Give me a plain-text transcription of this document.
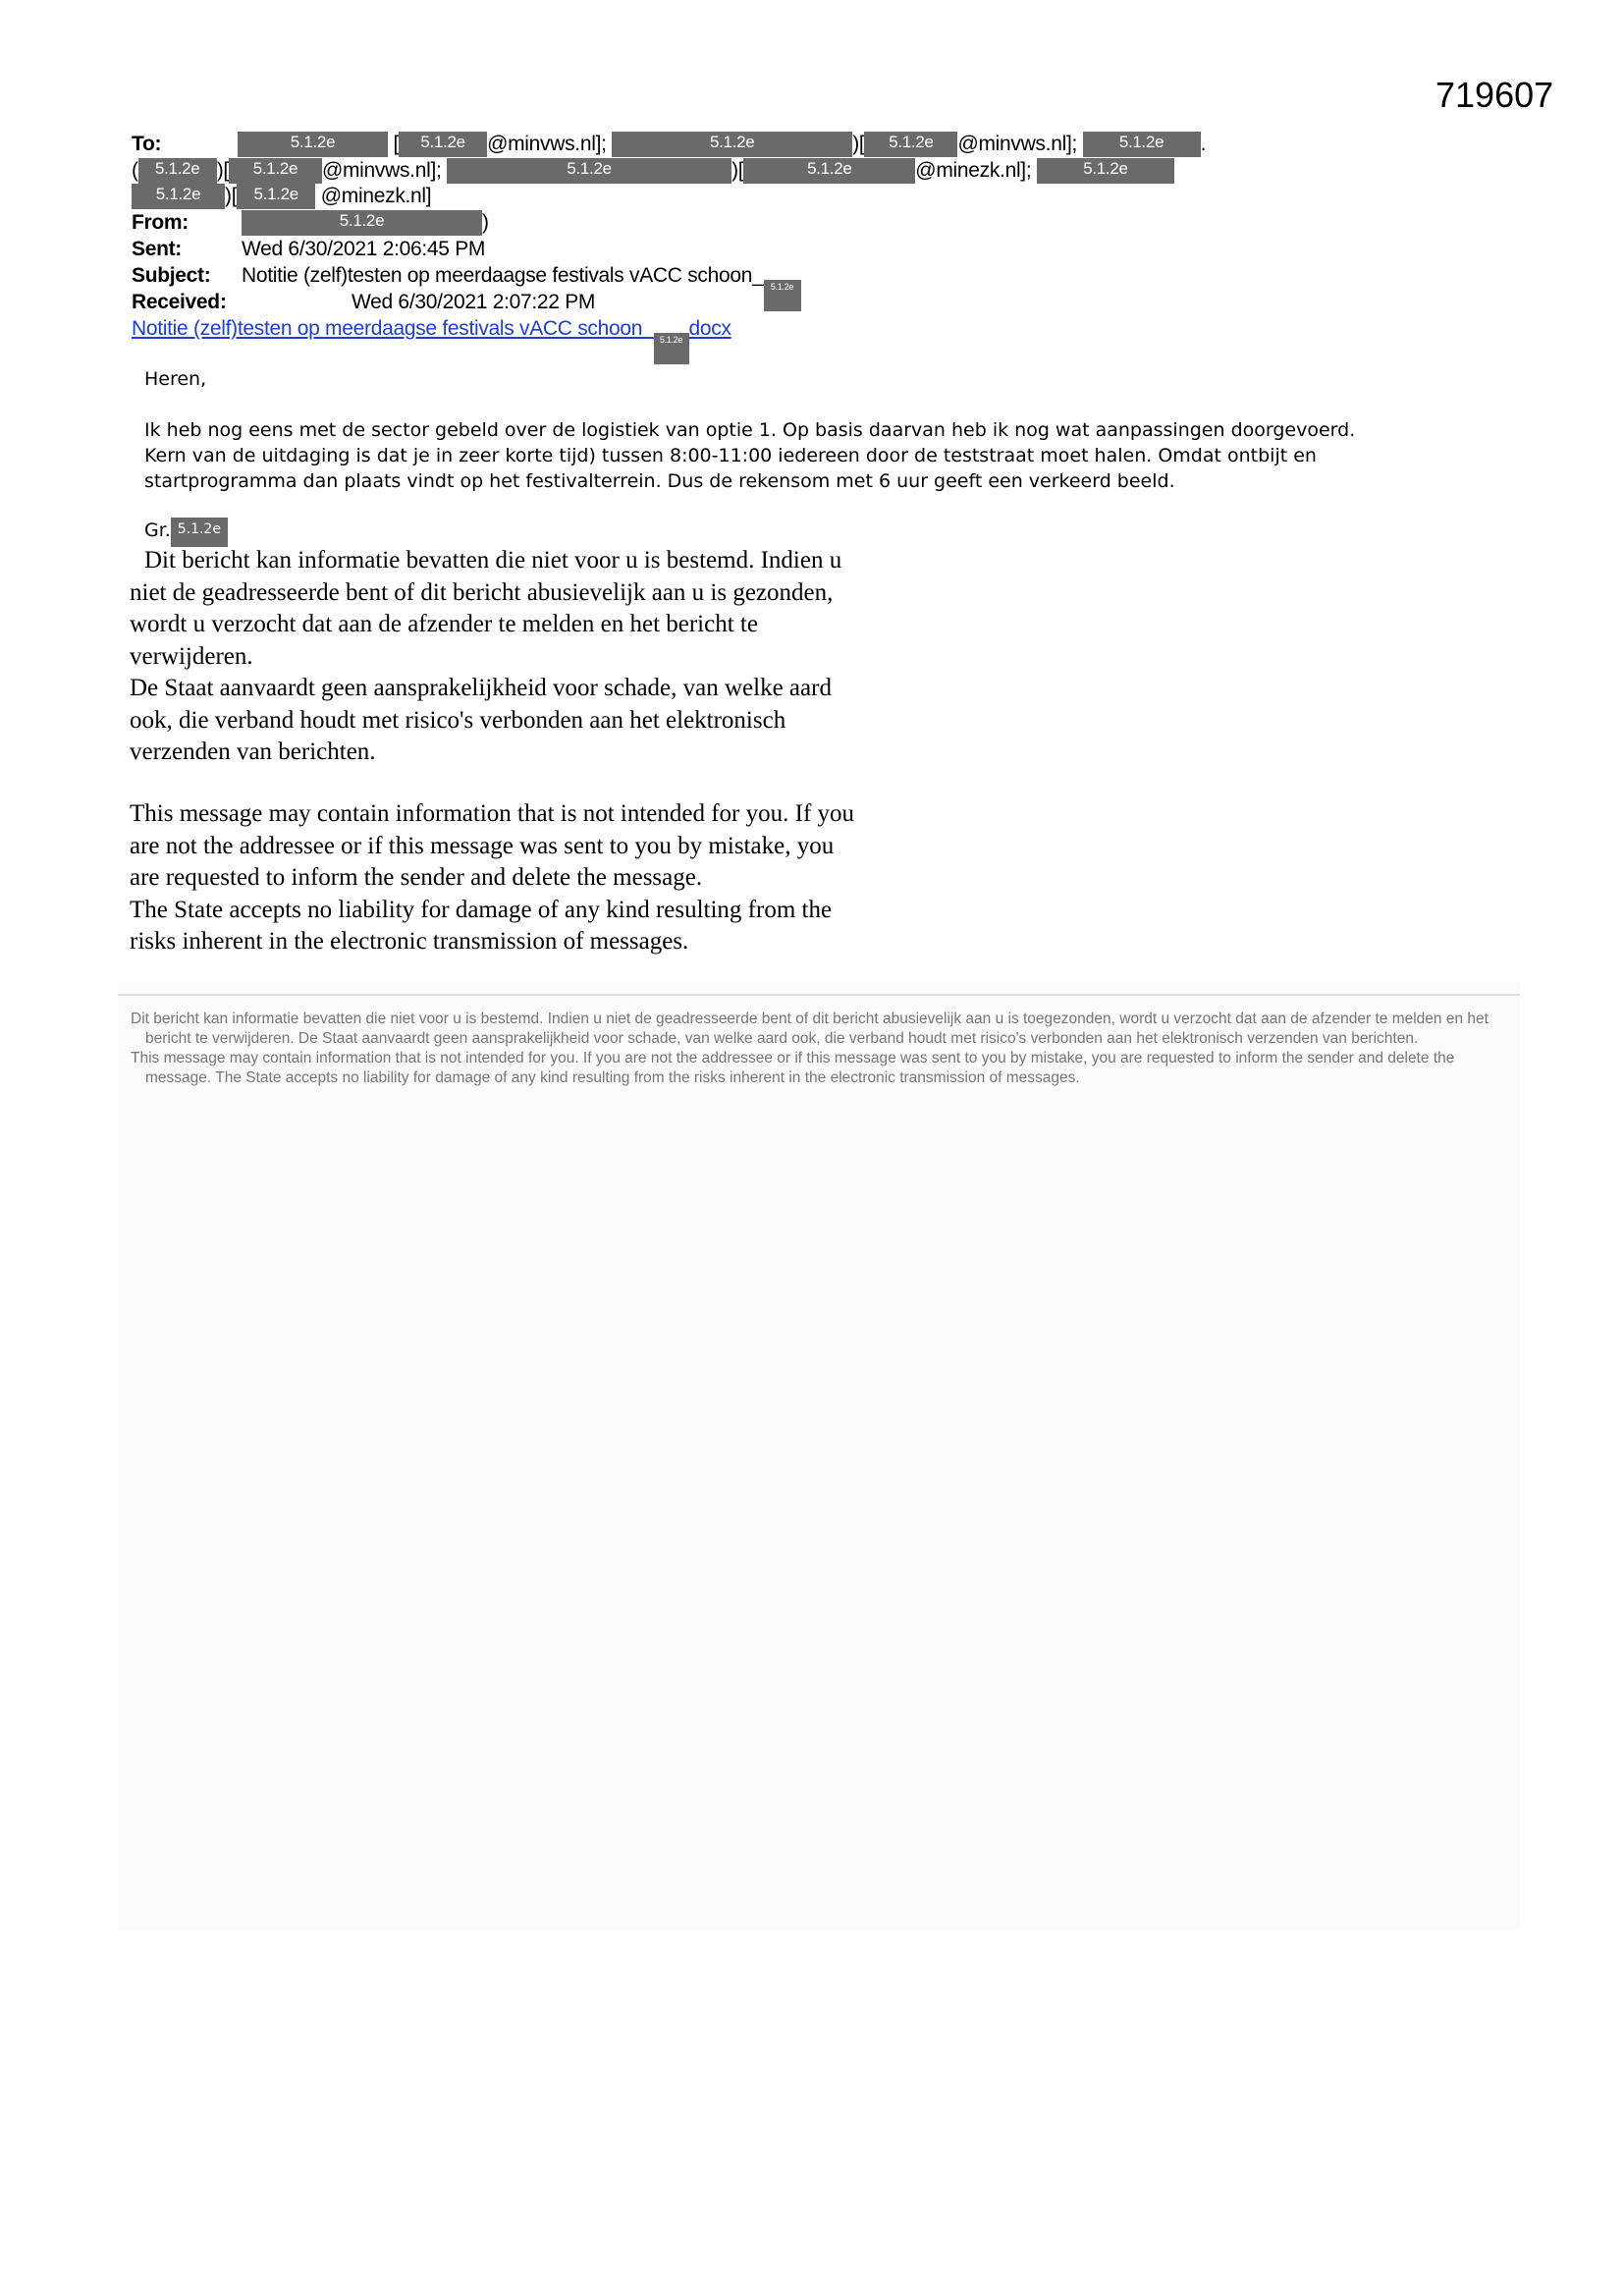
719607
To:	5.1.2e	[ 5.1.2e @minvws.nl];	5.1.2e	)[ 5.1.2e @minvws.nl];	5.1.2e .
( 5.1.2e )[ 5.1.2e @minvws.nl];	5.1.2e	)[	5.1.2e	@minezk.nl];	5.1.2e
5.1.2e )[ 5.1.2e @minezk.nl]
From:	5.1.2e	)
Sent:	Wed 6/30/2021 2:06:45 PM
Subject: Notitie (zelf)testen op meerdaagse festivals vACC schoon_ 5.1.2e
Received:	Wed 6/30/2021 2:07:22 PM
Notitie (zelf)testen op meerdaagse festivals vACC schoon_ 5.1.2e docx
Heren,
Ik heb nog eens met de sector gebeld over de logistiek van optie 1. Op basis daarvan heb ik nog wat aanpassingen doorgevoerd.
Kern van de uitdaging is dat je in zeer korte tijd) tussen 8:00-11:00 iedereen door de teststraat moet halen. Omdat ontbijt en
startprogramma dan plaats vindt op het festivalterrein. Dus de rekensom met 6 uur geeft een verkeerd beeld.
Gr. 5.1.2e
Dit bericht kan informatie bevatten die niet voor u is bestemd. Indien u
niet de geadresseerde bent of dit bericht abusievelijk aan u is gezonden,
wordt u verzocht dat aan de afzender te melden en het bericht te
verwijderen.
De Staat aanvaardt geen aansprakelijkheid voor schade, van welke aard
ook, die verband houdt met risico's verbonden aan het elektronisch
verzenden van berichten.
This message may contain information that is not intended for you. If you
are not the addressee or if this message was sent to you by mistake, you
are requested to inform the sender and delete the message.
The State accepts no liability for damage of any kind resulting from the
risks inherent in the electronic transmission of messages.

Dit bericht kan informatie bevatten die niet voor u is bestemd. Indien u niet de geadresseerde bent of dit bericht abusievelijk aan u is toegezonden, wordt u verzocht dat aan de afzender te melden en het bericht te verwijderen. De Staat aanvaardt geen aansprakelijkheid voor schade, van welke aard ook, die verband houdt met risico's verbonden aan het elektronisch verzenden van berichten.

This message may contain information that is not intended for you. If you are not the addressee or if this message was sent to you by mistake, you are requested to inform the sender and delete the message. The State accepts no liability for damage of any kind resulting from the risks inherent in the electronic transmission of messages.
